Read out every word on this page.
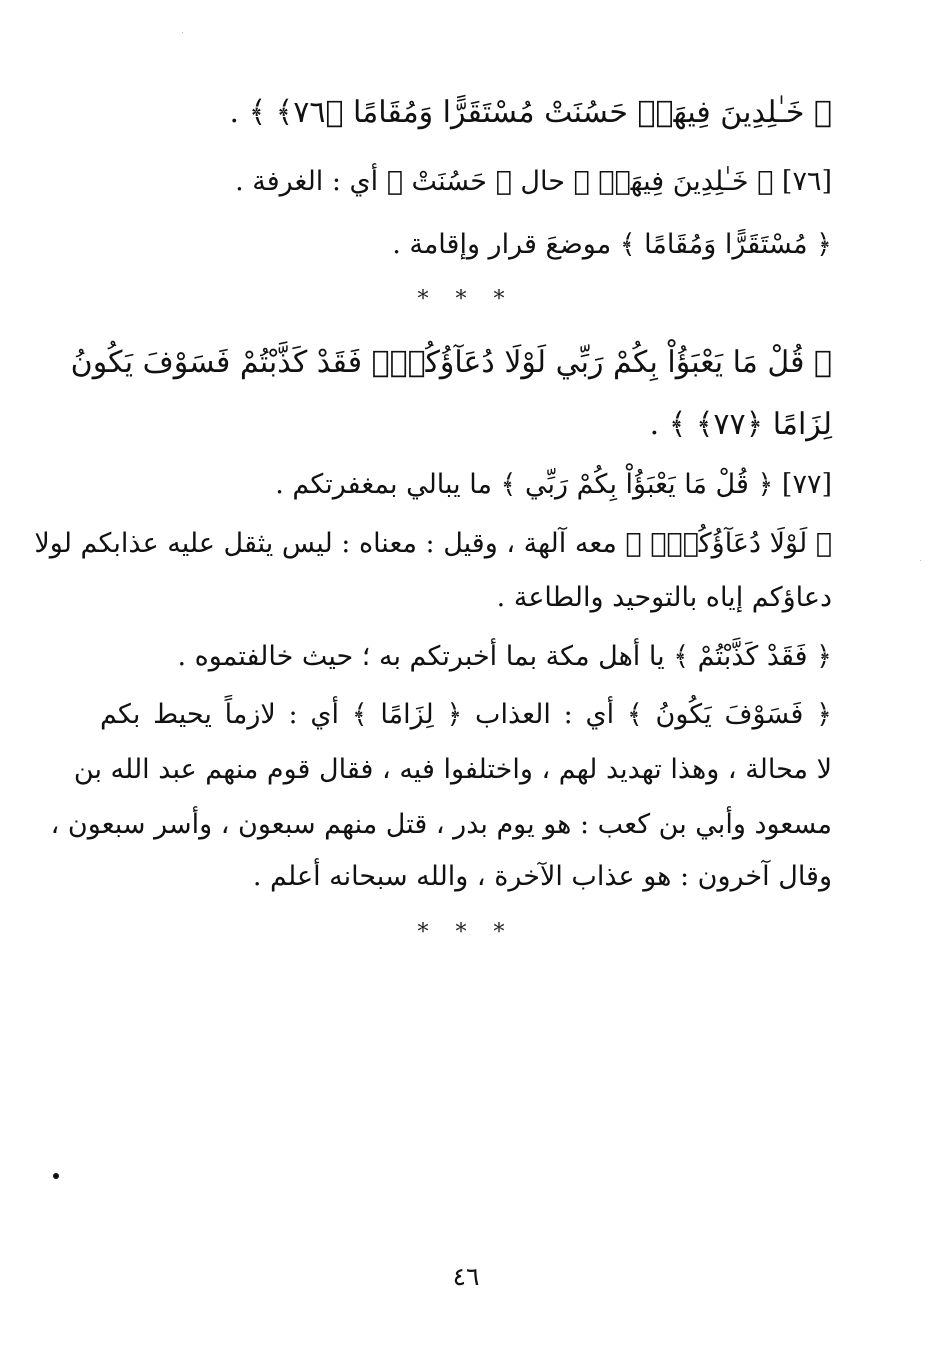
﴿ خَـٰلِدِينَ فِيهَاۚ حَسُنَتْ مُسْتَقَرًّا وَمُقَامًا ﴿٧٦﴾ ﴾ .
[٧٦] ﴿ خَـٰلِدِينَ فِيهَاۚ ﴾ حال ﴿ حَسُنَتْ ﴾ أي : الغرفة .
﴿ مُسْتَقَرًّا وَمُقَامًا ﴾ موضعَ قرار وإقامة .
* * *
﴿ قُلْ مَا يَعْبَؤُاْ بِكُمْ رَبِّي لَوْلَا دُعَآؤُكُمْۖ فَقَدْ كَذَّبْتُمْ فَسَوْفَ يَكُونُ
لِزَامًا ﴿٧٧﴾ ﴾ .
[٧٧] ﴿ قُلْ مَا يَعْبَؤُاْ بِكُمْ رَبِّي ﴾ ما يبالي بمغفرتكم .
﴿ لَوْلَا دُعَآؤُكُمْۖ ﴾ معه آلهة ، وقيل : معناه : ليس يثقل عليه عذابكم لولا
دعاؤكم إياه بالتوحيد والطاعة .
﴿ فَقَدْ كَذَّبْتُمْ ﴾ يا أهل مكة بما أخبرتكم به ؛ حيث خالفتموه .
﴿ فَسَوْفَ يَكُونُ ﴾ أي : العذاب ﴿ لِزَامًا ﴾ أي : لازماً يحيط بكم
لا محالة ، وهذا تهديد لهم ، واختلفوا فيه ، فقال قوم منهم عبد الله بن
مسعود وأبي بن كعب : هو يوم بدر ، قتل منهم سبعون ، وأسر سبعون ،
وقال آخرون : هو عذاب الآخرة ، والله سبحانه أعلم .
* * *
٤٦
